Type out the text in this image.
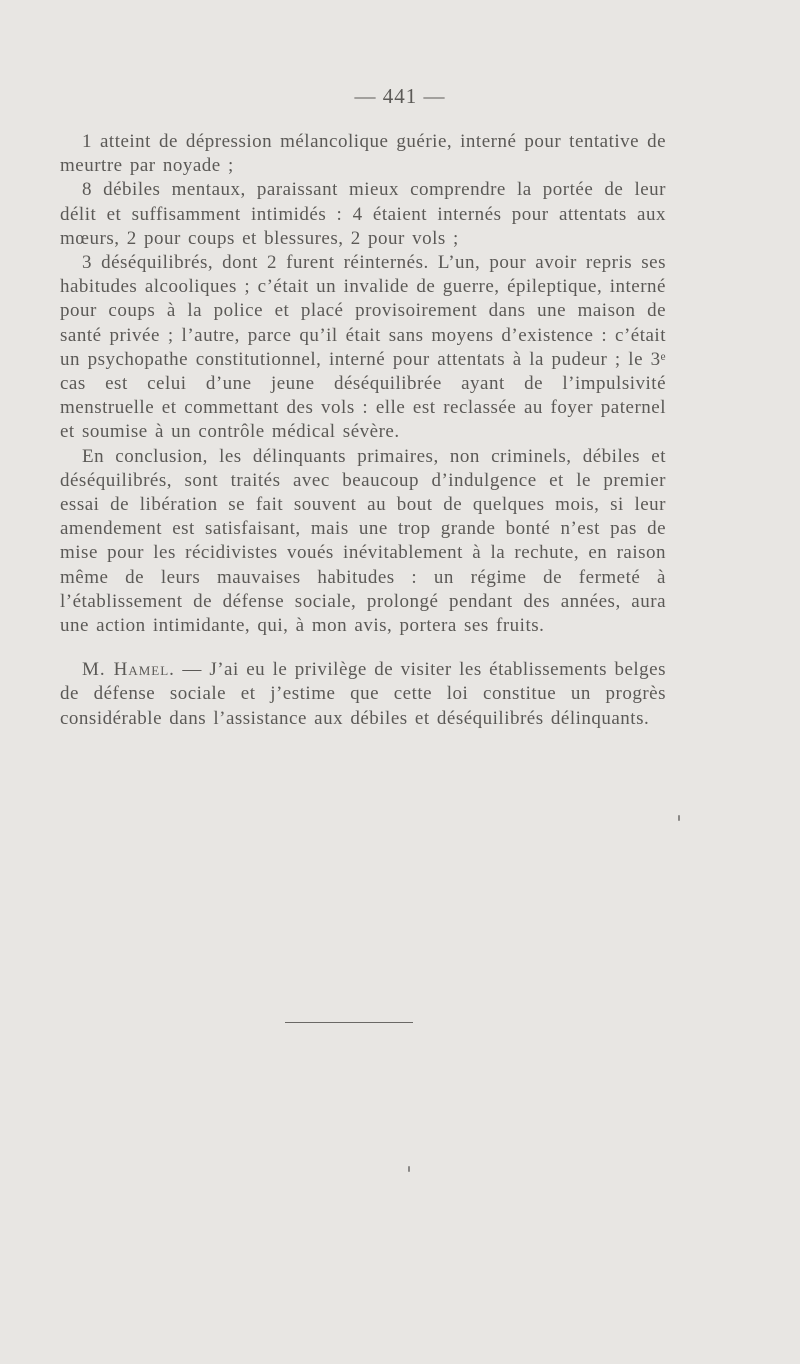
— 441 —

1 atteint de dépression mélancolique guérie, interné pour tentative de meurtre par noyade ;

8 débiles mentaux, paraissant mieux comprendre la portée de leur délit et suffisamment intimidés : 4 étaient internés pour attentats aux mœurs, 2 pour coups et blessures, 2 pour vols ;

3 déséquilibrés, dont 2 furent réinternés. L’un, pour avoir repris ses habitudes alcooliques ; c’était un invalide de guerre, épileptique, interné pour coups à la police et placé provisoirement dans une maison de santé privée ; l’autre, parce qu’il était sans moyens d’existence : c’était un psychopathe constitutionnel, interné pour attentats à la pudeur ; le 3ᵉ cas est celui d’une jeune déséquilibrée ayant de l’impulsivité menstruelle et commettant des vols : elle est reclassée au foyer paternel et soumise à un contrôle médical sévère.

En conclusion, les délinquants primaires, non criminels, débiles et déséquilibrés, sont traités avec beaucoup d’indulgence et le premier essai de libération se fait souvent au bout de quelques mois, si leur amendement est satisfaisant, mais une trop grande bonté n’est pas de mise pour les récidivistes voués inévitablement à la rechute, en raison même de leurs mauvaises habitudes : un régime de fermeté à l’établissement de défense sociale, prolongé pendant des années, aura une action intimidante, qui, à mon avis, portera ses fruits.

M. Hamel. — J’ai eu le privilège de visiter les établissements belges de défense sociale et j’estime que cette loi constitue un progrès considérable dans l’assistance aux débiles et déséquilibrés délinquants.
